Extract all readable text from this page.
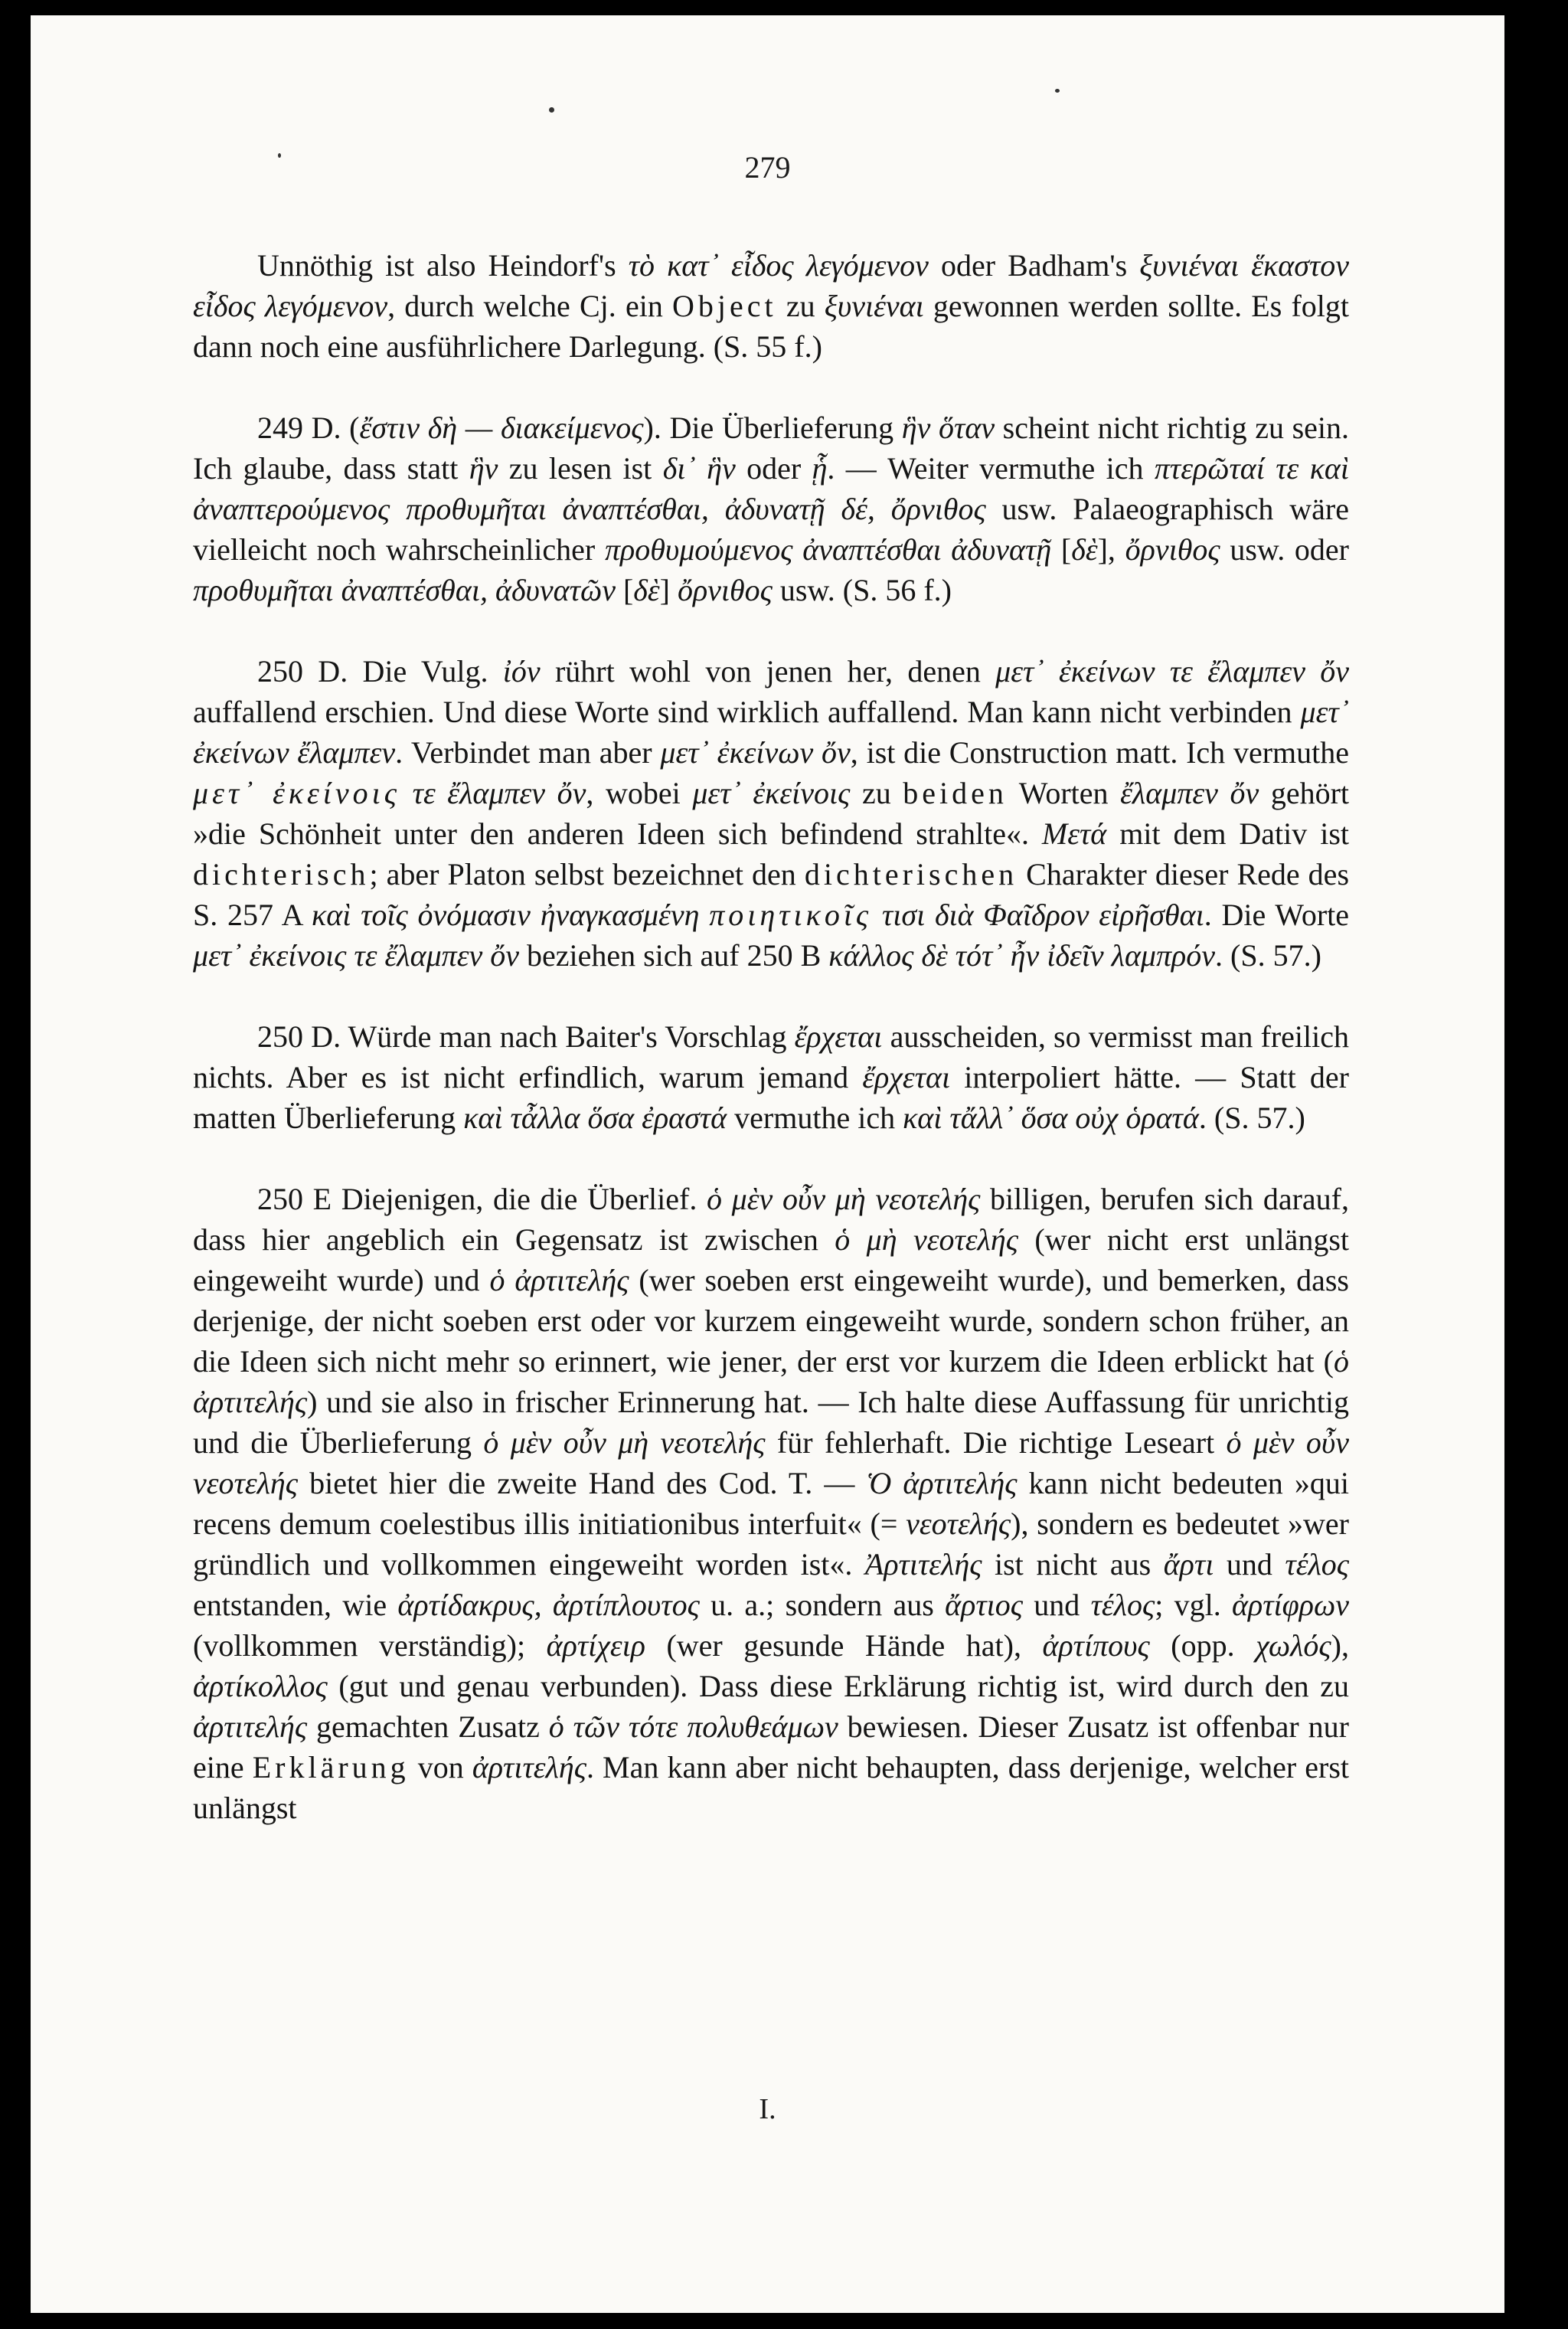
279

Unnöthig ist also Heindorf's τὸ κατ᾽ εἶδος λεγόμενον oder Badham's ξυνιέναι ἕκαστον εἶδος λεγόμενον, durch welche Cj. ein Object zu ξυνιέναι gewonnen werden sollte. Es folgt dann noch eine ausführlichere Darlegung. (S. 55 f.)

249 D. (ἔστιν δὴ — διακείμενος). Die Überlieferung ἣν ὅταν scheint nicht richtig zu sein. Ich glaube, dass statt ἣν zu lesen ist δι᾽ ἣν oder ᾗ. — Weiter vermuthe ich πτερῶταί τε καὶ ἀναπτερούμενος προθυμῆται ἀναπτέσθαι, ἀδυνατῇ δέ, ὄρνιθος usw. Palaeographisch wäre vielleicht noch wahrscheinlicher προθυμούμενος ἀναπτέσθαι ἀδυνατῇ [δὲ], ὄρνιθος usw. oder προθυμῆται ἀναπτέσθαι, ἀδυνατῶν [δὲ] ὄρνιθος usw. (S. 56 f.)

250 D. Die Vulg. ἰόν rührt wohl von jenen her, denen μετ᾽ ἐκείνων τε ἔλαμπεν ὄν auffallend erschien. Und diese Worte sind wirklich auffallend. Man kann nicht verbinden μετ᾽ ἐκείνων ἔλαμπεν. Verbindet man aber μετ᾽ ἐκείνων ὄν, ist die Construction matt. Ich vermuthe μετ᾽ ἐκείνοις τε ἔλαμπεν ὄν, wobei μετ᾽ ἐκείνοις zu beiden Worten ἔλαμπεν ὄν gehört »die Schönheit unter den anderen Ideen sich befindend strahlte«. Μετά mit dem Dativ ist dichterisch; aber Platon selbst bezeichnet den dichterischen Charakter dieser Rede des S. 257 A καὶ τοῖς ὀνόμασιν ἠναγκασμένη ποιητικοῖς τισι διὰ Φαῖδρον εἰρῆσθαι. Die Worte μετ᾽ ἐκείνοις τε ἔλαμπεν ὄν beziehen sich auf 250 B κάλλος δὲ τότ᾽ ἦν ἰδεῖν λαμπρόν. (S. 57.)

250 D. Würde man nach Baiter's Vorschlag ἔρχεται ausscheiden, so vermisst man freilich nichts. Aber es ist nicht erfindlich, warum jemand ἔρχεται interpoliert hätte. — Statt der matten Überlieferung καὶ τἆλλα ὅσα ἐραστά vermuthe ich καὶ τἄλλ᾽ ὅσα οὐχ ὁρατά. (S. 57.)

250 E Diejenigen, die die Überlief. ὁ μὲν οὖν μὴ νεοτελής billigen, berufen sich darauf, dass hier angeblich ein Gegensatz ist zwischen ὁ μὴ νεοτελής (wer nicht erst unlängst eingeweiht wurde) und ὁ ἀρτιτελής (wer soeben erst eingeweiht wurde), und bemerken, dass derjenige, der nicht soeben erst oder vor kurzem eingeweiht wurde, sondern schon früher, an die Ideen sich nicht mehr so erinnert, wie jener, der erst vor kurzem die Ideen erblickt hat (ὁ ἀρτιτελής) und sie also in frischer Erinnerung hat. — Ich halte diese Auffassung für unrichtig und die Überlieferung ὁ μὲν οὖν μὴ νεοτελής für fehlerhaft. Die richtige Leseart ὁ μὲν οὖν νεοτελής bietet hier die zweite Hand des Cod. T. — Ὁ ἀρτιτελής kann nicht bedeuten »qui recens demum coelestibus illis initiationibus interfuit« (= νεοτελής), sondern es bedeutet »wer gründlich und vollkommen eingeweiht worden ist«. Ἀρτιτελής ist nicht aus ἄρτι und τέλος entstanden, wie ἀρτίδακρυς, ἀρτίπλουτος u. a.; sondern aus ἄρτιος und τέλος; vgl. ἀρτίφρων (vollkommen verständig); ἀρτίχειρ (wer gesunde Hände hat), ἀρτίπους (opp. χωλός), ἀρτίκολλος (gut und genau verbunden). Dass diese Erklärung richtig ist, wird durch den zu ἀρτιτελής gemachten Zusatz ὁ τῶν τότε πολυθεάμων bewiesen. Dieser Zusatz ist offenbar nur eine Erklärung von ἀρτιτελής. Man kann aber nicht behaupten, dass derjenige, welcher erst unlängst

I.
